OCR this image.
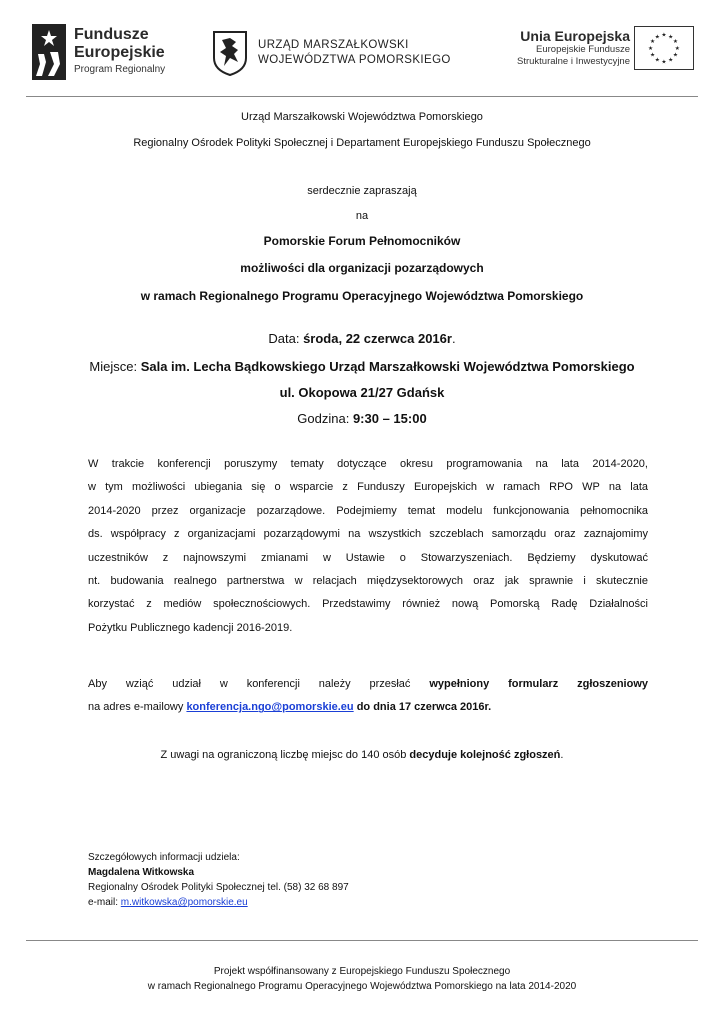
Fundusze
Europejskie
Program Regionalny
URZĄD MARSZAŁKOWSKI
WOJEWÓDZTWA POMORSKIEGO
Unia Europejska
Europejskie Fundusze
Strukturalne i Inwestycyjne
★ ★
★
★
★
★
★
★
★
★
★
★
Urząd Marszałkowski Województwa Pomorskiego
Regionalny Ośrodek Polityki Społecznej i Departament Europejskiego Funduszu Społecznego
serdecznie zapraszają
na
Pomorskie Forum Pełnomocników
możliwości dla organizacji pozarządowych
w ramach Regionalnego Programu Operacyjnego Województwa Pomorskiego
Data: środa, 22 czerwca 2016r.
Miejsce: Sala im. Lecha Bądkowskiego Urząd Marszałkowski Województwa Pomorskiego
ul. Okopowa 21/27 Gdańsk
Godzina: 9:30 – 15:00
W trakcie konferencji poruszymy tematy dotyczące okresu programowania na lata 2014-2020,
w tym możliwości ubiegania się o wsparcie z Funduszy Europejskich w ramach RPO WP na lata
2014-2020 przez organizacje pozarządowe. Podejmiemy temat modelu funkcjonowania pełnomocnika
ds. współpracy z organizacjami pozarządowymi na wszystkich szczeblach samorządu oraz zaznajomimy
uczestników z najnowszymi zmianami w Ustawie o Stowarzyszeniach. Będziemy dyskutować
nt. budowania realnego partnerstwa w relacjach międzysektorowych oraz jak sprawnie i skutecznie
korzystać z mediów społecznościowych. Przedstawimy również nową Pomorską Radę Działalności
Pożytku Publicznego kadencji 2016-2019.
Aby wziąć udział w konferencji należy przesłać wypełniony formularz zgłoszeniowy
na adres e-mailowy konferencja.ngo@pomorskie.eu do dnia 17 czerwca 2016r.
Z uwagi na ograniczoną liczbę miejsc do 140 osób decyduje kolejność zgłoszeń.
Szczegółowych informacji udziela:
Magdalena Witkowska
Regionalny Ośrodek Polityki Społecznej tel. (58) 32 68 897
e-mail: m.witkowska@pomorskie.eu
Projekt współfinansowany z Europejskiego Funduszu Społecznego
w ramach Regionalnego Programu Operacyjnego Województwa Pomorskiego na lata 2014-2020
